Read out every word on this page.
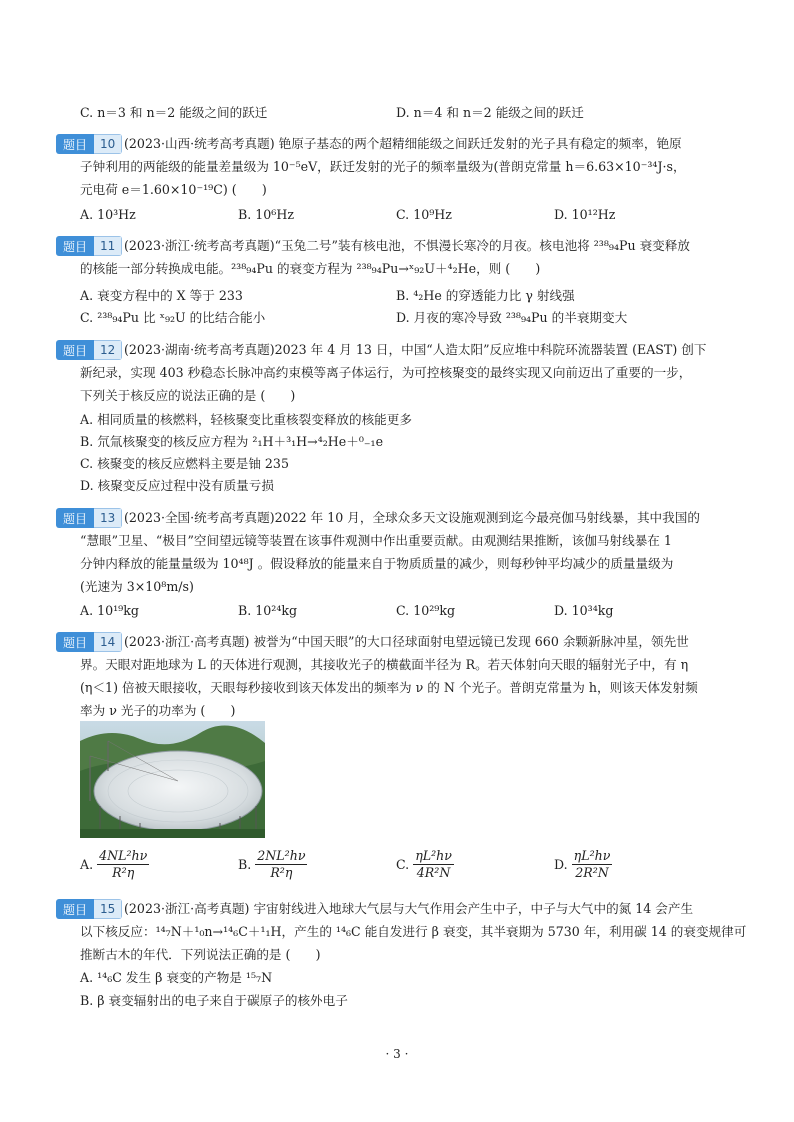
C. n＝3 和 n＝2 能级之间的跃迁	D. n＝4 和 n＝2 能级之间的跃迁
题目	10 (2023·山西·统考高考真题) 铯原子基态的两个超精细能级之间跃迁发射的光子具有稳定的频率，铯原
子钟利用的两能级的能量差量级为 10⁻⁵eV，跃迁发射的光子的频率量级为(普朗克常量 h＝6.63×10⁻³⁴J·s，
元电荷 e＝1.60×10⁻¹⁹C) (　　)
A. 10³Hz	B. 10⁶Hz	C. 10⁹Hz	D. 10¹²Hz
题目	11 (2023·浙江·统考高考真题)“玉兔二号”装有核电池，不惧漫长寒冷的月夜。核电池将 ²³⁸₉₄Pu 衰变释放
的核能一部分转换成电能。²³⁸₉₄Pu 的衰变方程为 ²³⁸₉₄Pu→ˣ₉₂U＋⁴₂He，则 (　　)
A. 衰变方程中的 X 等于 233	B. ⁴₂He 的穿透能力比 γ 射线强
C. ²³⁸₉₄Pu 比 ˣ₉₂U 的比结合能小	D. 月夜的寒冷导致 ²³⁸₉₄Pu 的半衰期变大
题目	12 (2023·湖南·统考高考真题)2023 年 4 月 13 日，中国“人造太阳”反应堆中科院环流器装置 (EAST) 创下
新纪录，实现 403 秒稳态长脉冲高约束模等离子体运行，为可控核聚变的最终实现又向前迈出了重要的一步，
下列关于核反应的说法正确的是 (　　)
A. 相同质量的核燃料，轻核聚变比重核裂变释放的核能更多
B. 氘氚核聚变的核反应方程为 ²₁H＋³₁H→⁴₂He＋⁰₋₁e
C. 核聚变的核反应燃料主要是铀 235
D. 核聚变反应过程中没有质量亏损
题目	13 (2023·全国·统考高考真题)2022 年 10 月，全球众多天文设施观测到迄今最亮伽马射线暴，其中我国的
“慧眼”卫星、“极目”空间望远镜等装置在该事件观测中作出重要贡献。由观测结果推断，该伽马射线暴在 1
分钟内释放的能量量级为 10⁴⁸J 。假设释放的能量来自于物质质量的减少，则每秒钟平均减少的质量量级为
(光速为 3×10⁸m/s)
A. 10¹⁹kg	B. 10²⁴kg	C. 10²⁹kg	D. 10³⁴kg
题目	14 (2023·浙江·高考真题) 被誉为“中国天眼”的大口径球面射电望远镜已发现 660 余颗新脉冲星，领先世
界。天眼对距地球为 L 的天体进行观测，其接收光子的横截面半径为 R。若天体射向天眼的辐射光子中，有 η
(η＜1) 倍被天眼接收，天眼每秒接收到该天体发出的频率为 ν 的 N 个光子。普朗克常量为 h，则该天体发射频
率为 ν 光子的功率为 (　　)
A. $\frac{\text{4NL²hν}}{\text{R²η}}$	B. $\frac{\text{2NL²hν}}{\text{R²η}}$	C. $\frac{\text{ηL²hν}}{\text{4R²N}}$	D. $\frac{\text{ηL²hν}}{\text{2R²N}}$
题目	15 (2023·浙江·高考真题) 宇宙射线进入地球大气层与大气作用会产生中子，中子与大气中的氮 14 会产生
以下核反应：¹⁴₇N＋¹₀n→¹⁴₆C＋¹₁H，产生的 ¹⁴₆C 能自发进行 β 衰变，其半衰期为 5730 年，利用碳 14 的衰变规律可
推断古木的年代．下列说法正确的是 (　　)
A. ¹⁴₆C 发生 β 衰变的产物是 ¹⁵₇N
B. β 衰变辐射出的电子来自于碳原子的核外电子
· 3 ·
